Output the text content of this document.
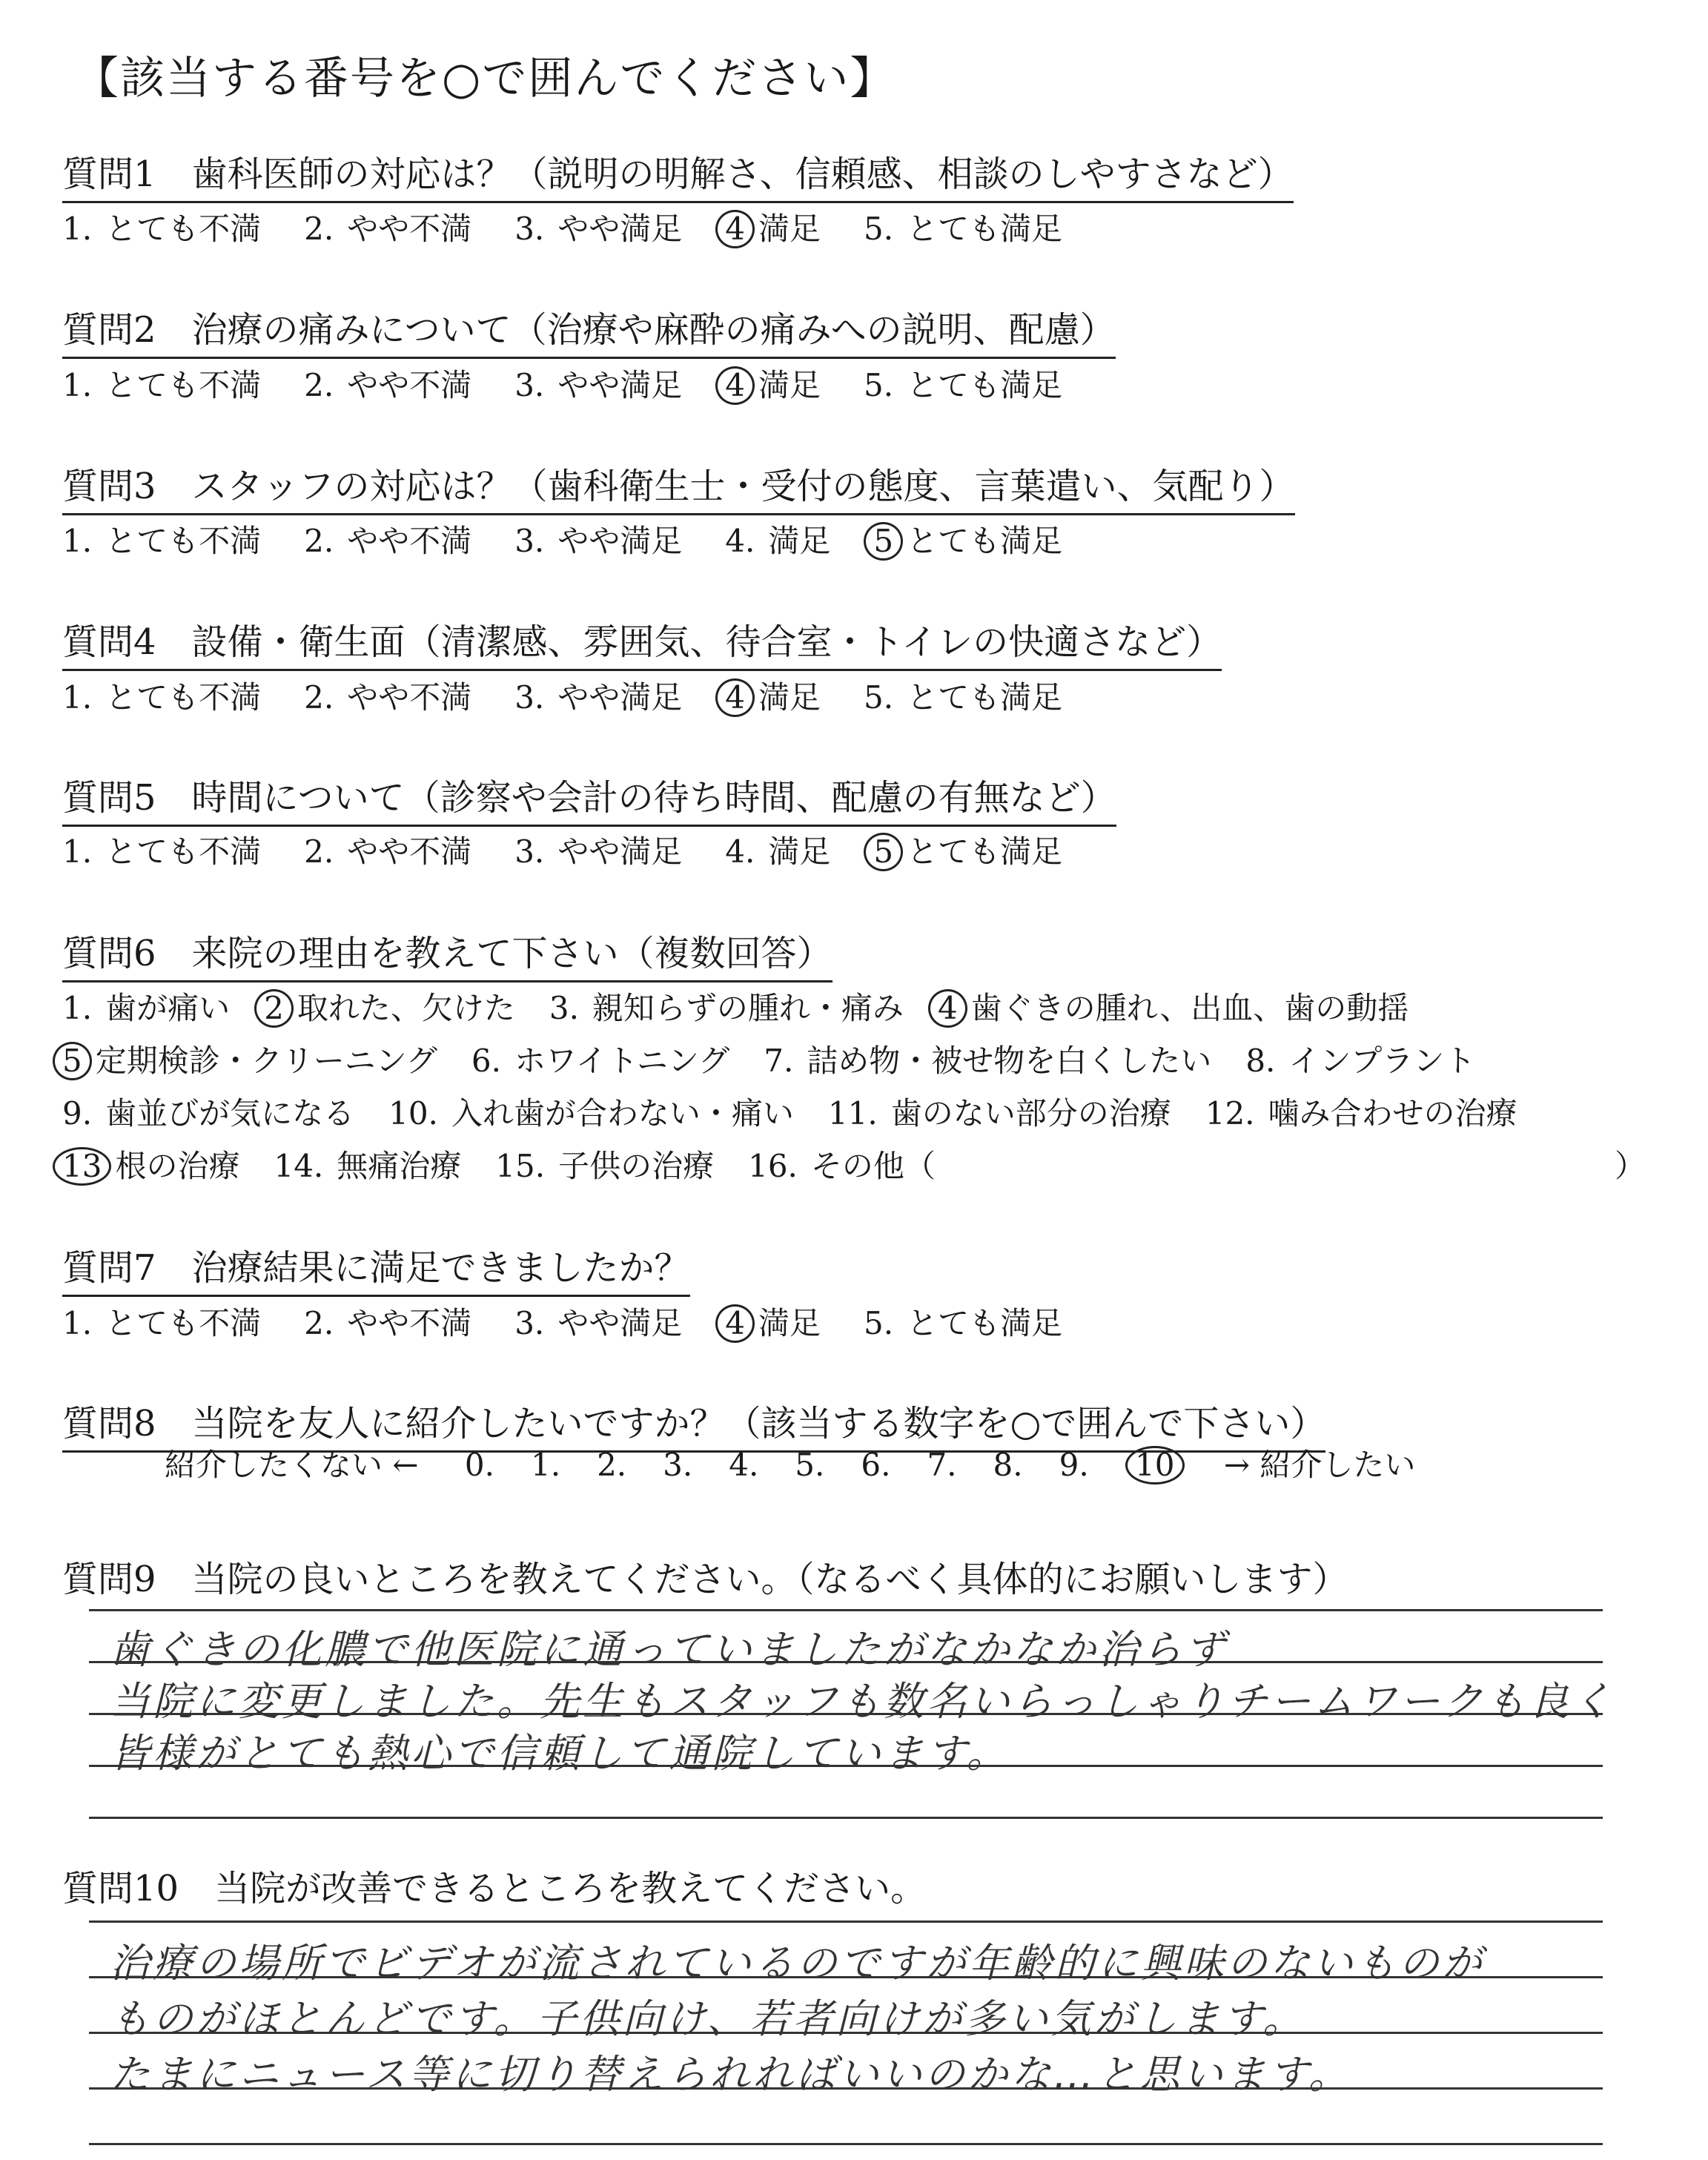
【該当する番号を○で囲んでください】
質問1　歯科医師の対応は？（説明の明解さ、信頼感、相談のしやすさなど）
1. とても不満 2. やや不満 3. やや満足 4 満足 5. とても満足
質問2　治療の痛みについて（治療や麻酔の痛みへの説明、配慮）
1. とても不満 2. やや不満 3. やや満足 4 満足 5. とても満足
質問3　スタッフの対応は？（歯科衛生士・受付の態度、言葉遣い、気配り）
1. とても不満 2. やや不満 3. やや満足 4. 満足 5 とても満足
質問4　設備・衛生面（清潔感、雰囲気、待合室・トイレの快適さなど）
1. とても不満 2. やや不満 3. やや満足 4 満足 5. とても満足
質問5　時間について（診察や会計の待ち時間、配慮の有無など）
1. とても不満 2. やや不満 3. やや満足 4. 満足 5 とても満足
質問6　来院の理由を教えて下さい（複数回答）
1. 歯が痛い 2 取れた、欠けた 3. 親知らずの腫れ・痛み 4 歯ぐきの腫れ、出血、歯の動揺
5 定期検診・クリーニング 6. ホワイトニング 7. 詰め物・被せ物を白くしたい 8. インプラント
9. 歯並びが気になる 10. 入れ歯が合わない・痛い 11. 歯のない部分の治療 12. 噛み合わせの治療
13 根の治療 14. 無痛治療 15. 子供の治療 16. その他（	）
質問7　治療結果に満足できましたか？
1. とても不満 2. やや不満 3. やや満足 4 満足 5. とても満足
質問8　当院を友人に紹介したいですか？（該当する数字を○で囲んで下さい）
紹介したくない ← 0. 1. 2. 3. 4. 5. 6. 7. 8. 9. 10 → 紹介したい
質問9　当院の良いところを教えてください。（なるべく具体的にお願いします）
歯ぐきの化膿で他医院に通っていましたがなかなか治らず
当院に変更しました。先生もスタッフも数名いらっしゃりチームワークも良く
皆様がとても熱心で信頼して通院しています。
質問10　当院が改善できるところを教えてください。
治療の場所でビデオが流されているのですが年齢的に興味のないものが
ものがほとんどです。子供向け、若者向けが多い気がします。
たまにニュース等に切り替えられればいいのかな…と思います。
